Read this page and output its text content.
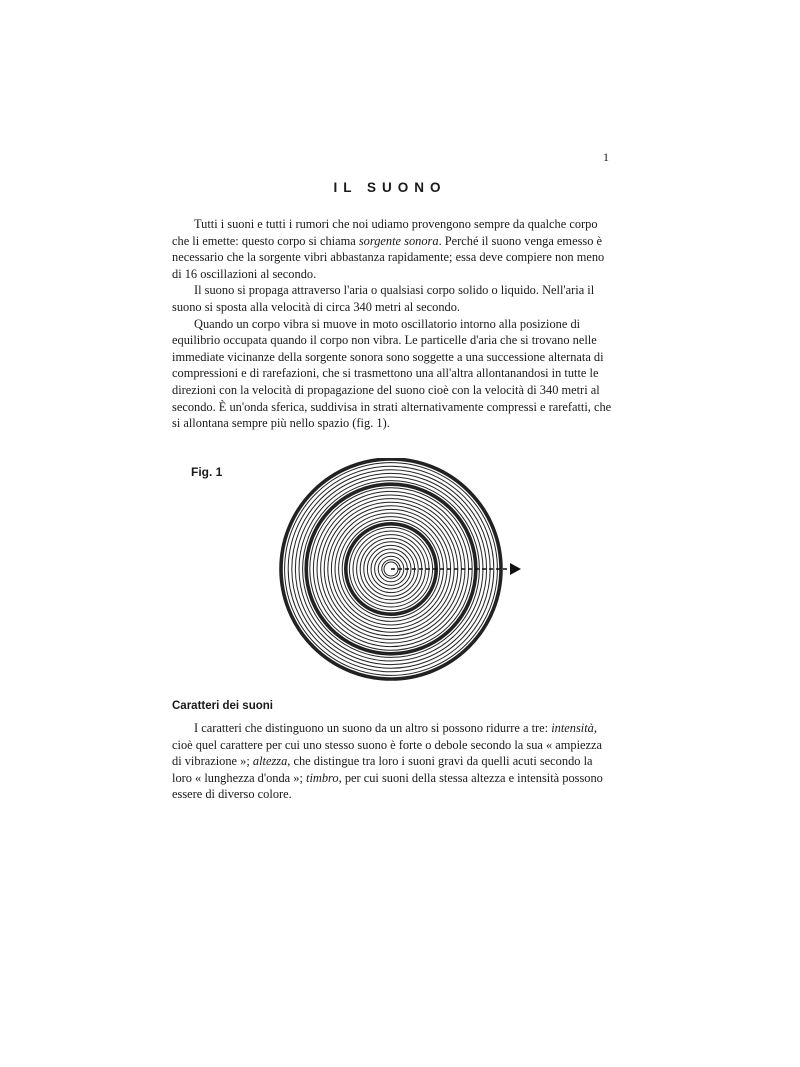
1
IL SUONO

Tutti i suoni e tutti i rumori che noi udiamo provengono sempre da qualche corpo che li emette: questo corpo si chiama sorgente sonora. Perché il suono venga emesso è necessario che la sorgente vibri abbastanza rapidamente; essa deve compiere non meno di 16 oscillazioni al secondo.

Il suono si propaga attraverso l'aria o qualsiasi corpo solido o liquido. Nell'aria il suono si sposta alla velocità di circa 340 metri al secondo.

Quando un corpo vibra si muove in moto oscillatorio intorno alla posizione di equilibrio occupata quando il corpo non vibra. Le particelle d'aria che si trovano nelle immediate vicinanze della sorgente sonora sono soggette a una successione alternata di compressioni e di rarefazioni, che si trasmettono una all'altra allontanandosi in tutte le direzioni con la velocità di propagazione del suono cioè con la velocità di 340 metri al secondo. È un'onda sferica, suddivisa in strati alternativamente compressi e rarefatti, che si allontana sempre più nello spazio (fig. 1).

Fig. 1
Caratteri dei suoni

I caratteri che distinguono un suono da un altro si possono ridurre a tre: intensità, cioè quel carattere per cui uno stesso suono è forte o debole secondo la sua « ampiezza di vibrazione »; altezza, che distingue tra loro i suoni gravi da quelli acuti secondo la loro « lunghezza d'onda »; timbro, per cui suoni della stessa altezza e intensità possono essere di diverso colore.
